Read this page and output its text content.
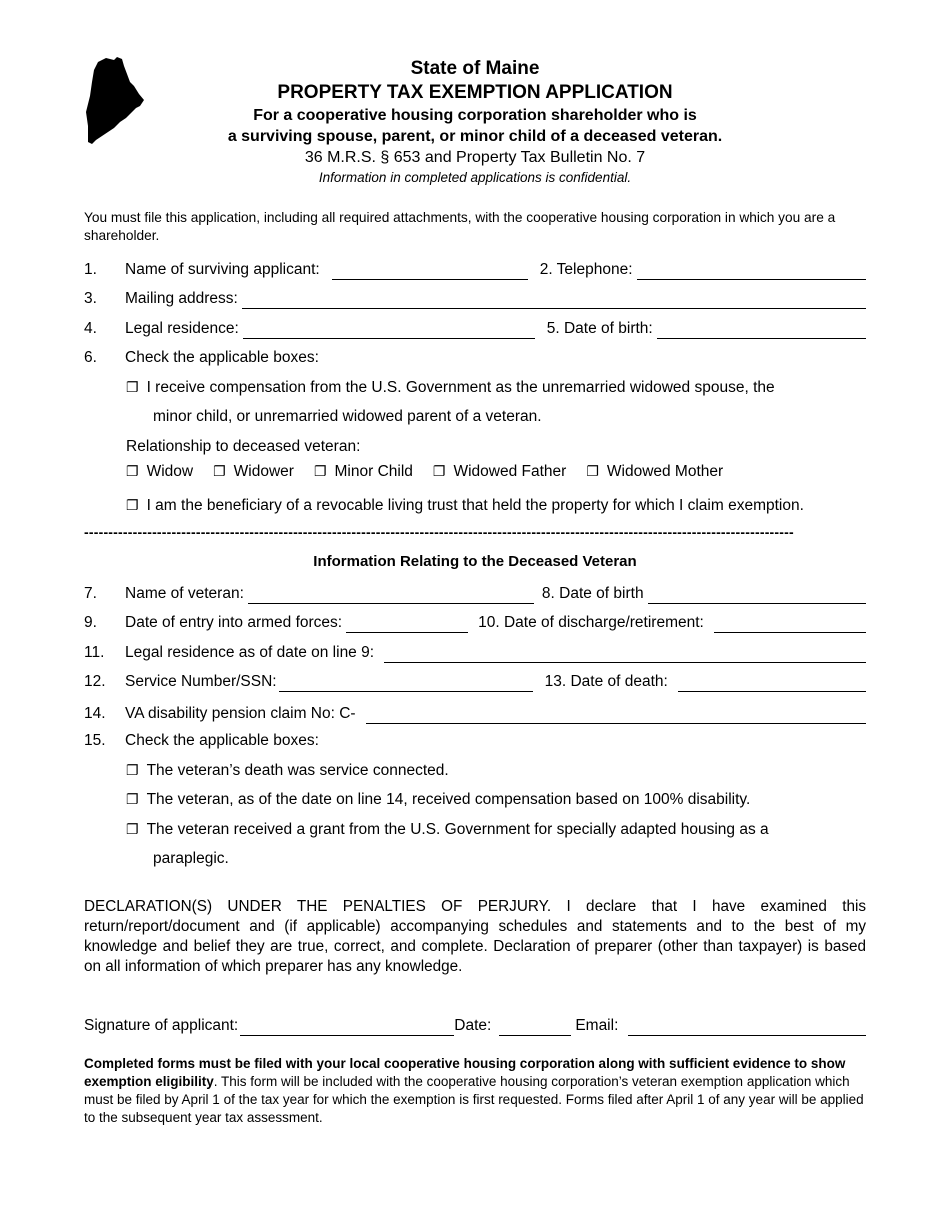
State of Maine
PROPERTY TAX EXEMPTION APPLICATION
For a cooperative housing corporation shareholder who is
a surviving spouse, parent, or minor child of a deceased veteran.
36 M.R.S. § 653 and Property Tax Bulletin No. 7
Information in completed applications is confidential.
You must file this application, including all required attachments, with the cooperative housing corporation in which you are a shareholder.
1.	Name of surviving applicant:	2. Telephone:
3.	Mailing address:
4.	Legal residence:	5. Date of birth:
6.	Check the applicable boxes:
❐ I receive compensation from the U.S. Government as the unremarried widowed spouse, the
minor child, or unremarried widowed parent of a veteran.
Relationship to deceased veteran:
❐ Widow ❐ Widower ❐ Minor Child ❐ Widowed Father ❐ Widowed Mother
❐ I am the beneficiary of a revocable living trust that held the property for which I claim exemption.
--------------------------------------------------------------------------------------------------------------------------------------------------
Information Relating to the Deceased Veteran
7.	Name of veteran:	8. Date of birth
9.	Date of entry into armed forces:	10. Date of discharge/retirement:
11.	Legal residence as of date on line 9:
12.	Service Number/SSN:	13. Date of death:
14.	VA disability pension claim No: C-
15.	Check the applicable boxes:
❐ The veteran’s death was service connected.
❐ The veteran, as of the date on line 14, received compensation based on 100% disability.
❐ The veteran received a grant from the U.S. Government for specially adapted housing as a
paraplegic.
DECLARATION(S) UNDER THE PENALTIES OF PERJURY. I declare that I have examined this return/report/document and (if applicable) accompanying schedules and statements and to the best of my knowledge and belief they are true, correct, and complete. Declaration of preparer (other than taxpayer) is based on all information of which preparer has any knowledge.
Signature of applicant:	Date:	Email:
Completed forms must be filed with your local cooperative housing corporation along with sufficient evidence to show exemption eligibility. This form will be included with the cooperative housing corporation’s veteran exemption application which must be filed by April 1 of the tax year for which the exemption is first requested. Forms filed after April 1 of any year will be applied to the subsequent year tax assessment.
